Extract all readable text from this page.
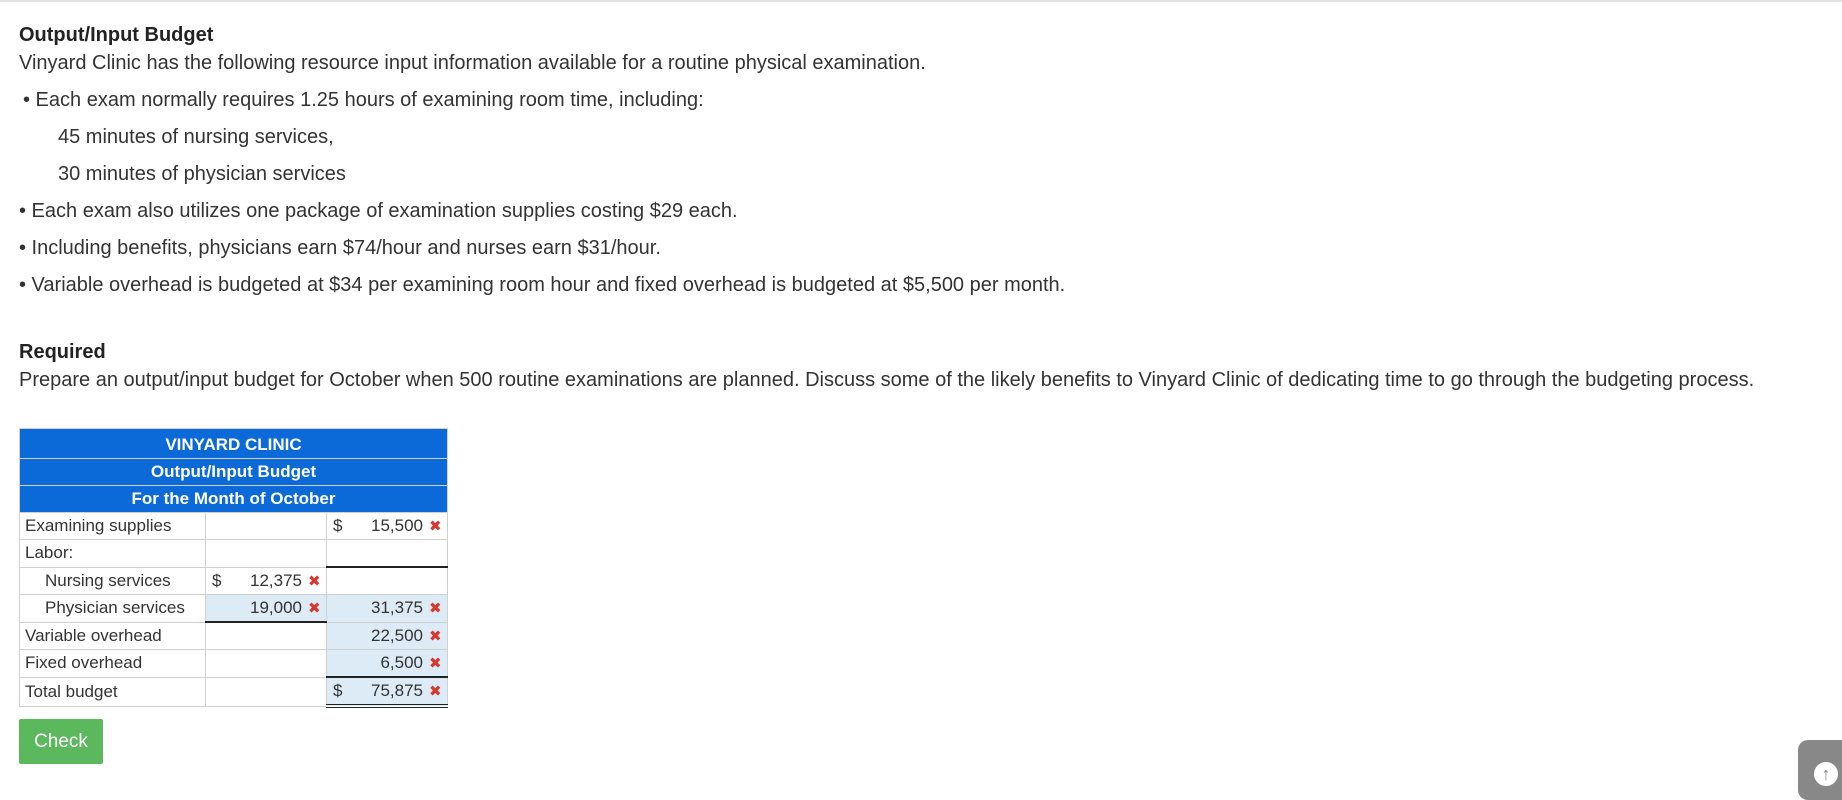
Output/Input Budget

Vinyard Clinic has the following resource input information available for a routine physical examination.

• Each exam normally requires 1.25 hours of examining room time, including:
45 minutes of nursing services,
30 minutes of physician services
• Each exam also utilizes one package of examination supplies costing $29 each.
• Including benefits, physicians earn $74/hour and nurses earn $31/hour.
• Variable overhead is budgeted at $34 per examining room hour and fixed overhead is budgeted at $5,500 per month.
Required

Prepare an output/input budget for October when 500 routine examinations are planned. Discuss some of the likely benefits to Vinyard Clinic of dedicating time to go through the budgeting process.

VINYARD CLINIC		
Output/Input Budget		
For the Month of October		
Examining supplies		$ 15,500 ✖

Labor:		
Nursing services	$ 12,375 ✖	

Physician services	19,000 ✖	31,375 ✖

Variable overhead		22,500 ✖

Fixed overhead		6,500 ✖

Total budget		$ 75,875 ✖
Check
↑
